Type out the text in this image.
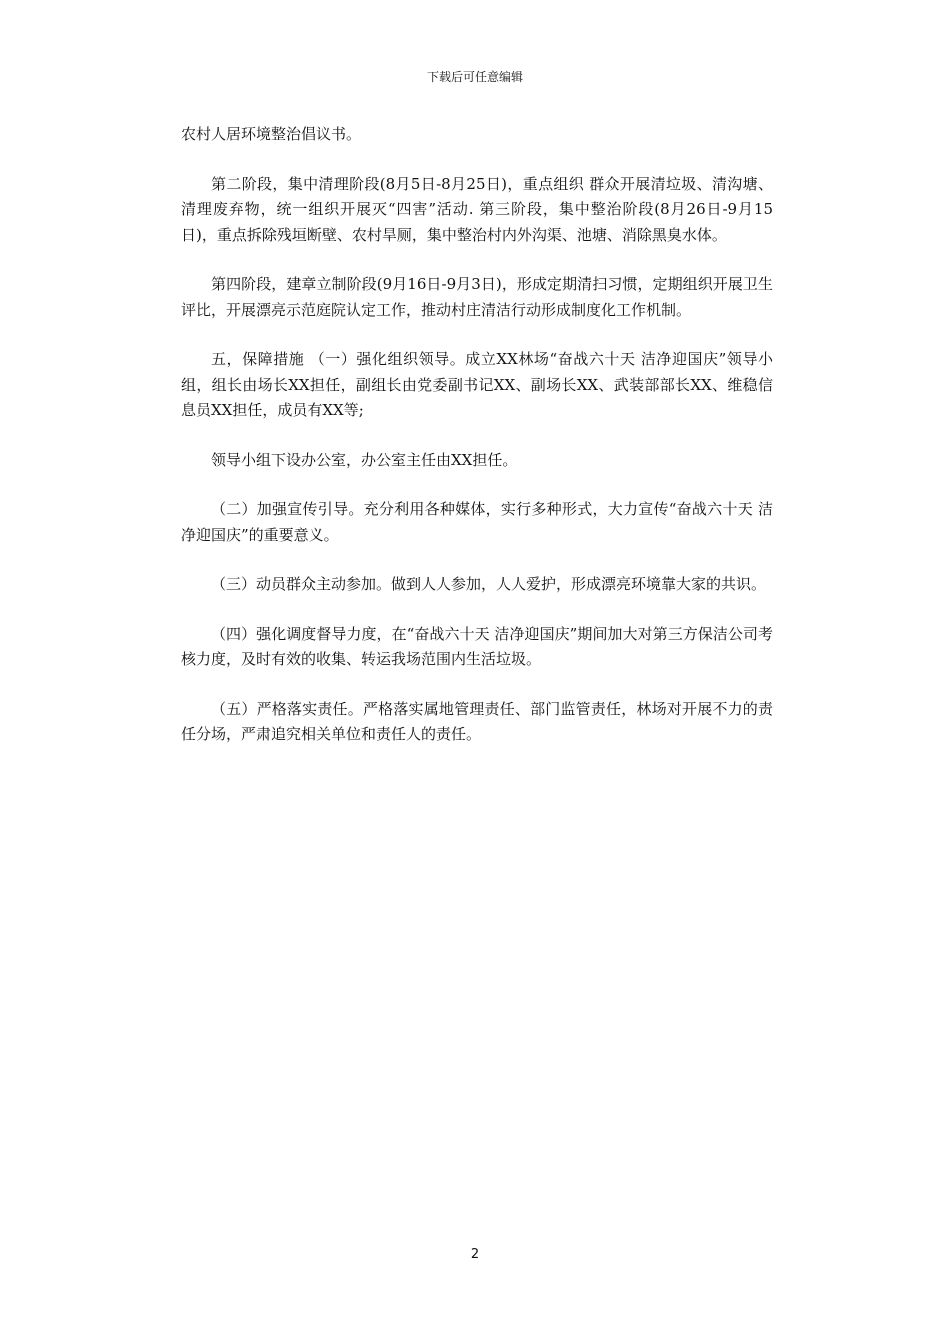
下载后可任意编辑

农村人居环境整治倡议书。

第二阶段，集中清理阶段(8月5日-8月25日)，重点组织 群众开展清垃圾、清沟塘、清理废弃物，统一组织开展灭“四害”活动. 第三阶段，集中整治阶段(8月26日-9月15日)，重点拆除残垣断壁、农村旱厕，集中整治村内外沟渠、池塘、消除黑臭水体。

第四阶段，建章立制阶段(9月16日-9月3日)，形成定期清扫习惯，定期组织开展卫生评比，开展漂亮示范庭院认定工作，推动村庄清洁行动形成制度化工作机制。

五，保障措施 （一）强化组织领导。成立XX林场“奋战六十天 洁净迎国庆”领导小组，组长由场长XX担任，副组长由党委副书记XX、副场长XX、武装部部长XX、维稳信息员XX担任，成员有XX等;

领导小组下设办公室，办公室主任由XX担任。

（二）加强宣传引导。充分利用各种媒体，实行多种形式，大力宣传“奋战六十天 洁净迎国庆”的重要意义。

（三）动员群众主动参加。做到人人参加，人人爱护，形成漂亮环境靠大家的共识。

（四）强化调度督导力度，在“奋战六十天 洁净迎国庆”期间加大对第三方保洁公司考核力度，及时有效的收集、转运我场范围内生活垃圾。

（五）严格落实责任。严格落实属地管理责任、部门监管责任，林场对开展不力的责任分场，严肃追究相关单位和责任人的责任。

2
